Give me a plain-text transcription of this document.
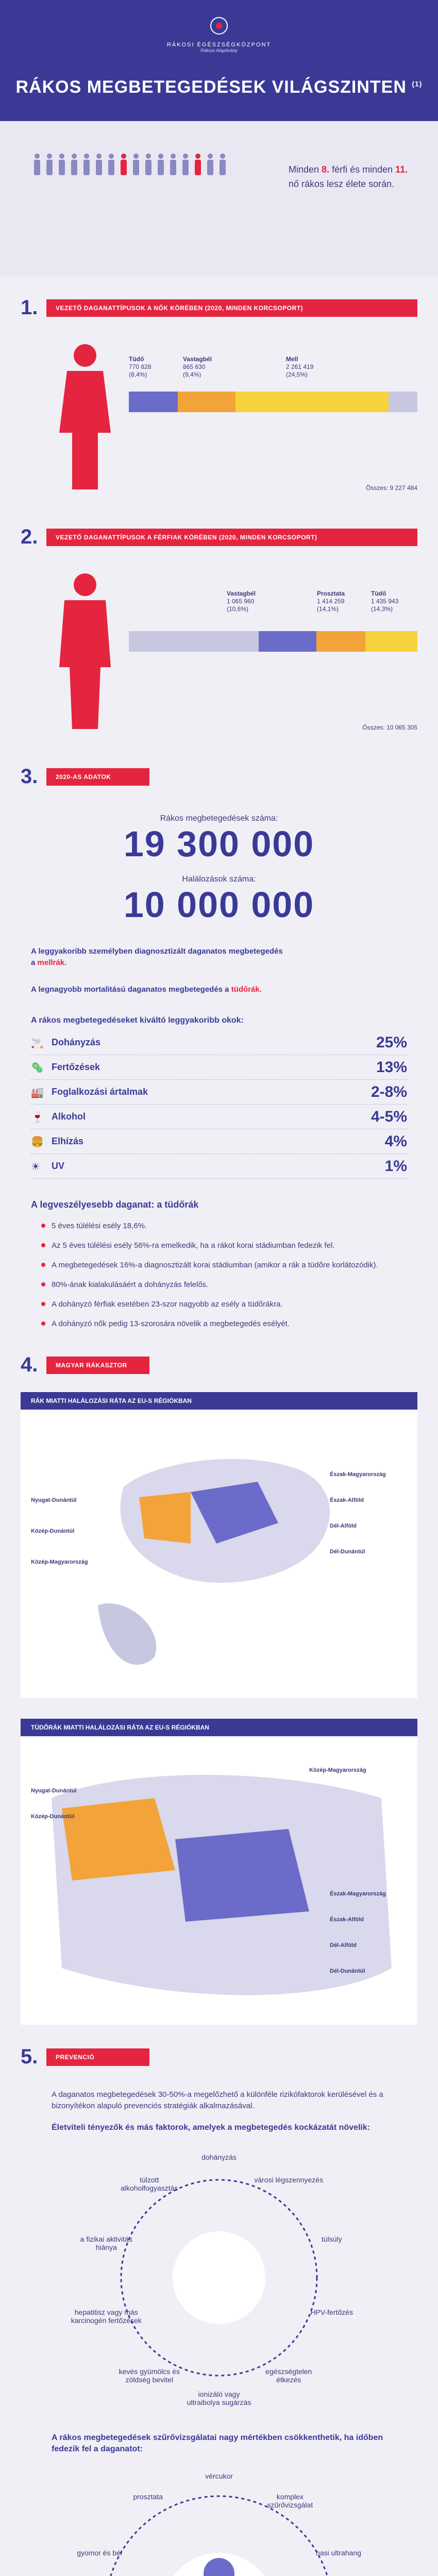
RÁKOSI ÉGÉSZSÉGKÖZPONT
Rákosi Alapítvány
RÁKOS MEGBETEGEDÉSEK VILÁGSZINTEN $^{(1)}$
Minden 8. férfi és minden 11. nő rákos lesz élete során.
1.	VEZETŐ DAGANATTÍPUSOK A NŐK KÖRÉBEN (2020, MINDEN KORCSOPORT)
Tüdő
770 828
(8,4%)
Vastagbél
865 630
(9,4%)
Mell
2 261 419
(24,5%)
Összes: 9 227 484
2.	VEZETŐ DAGANATTÍPUSOK A FÉRFIAK KÖRÉBEN (2020, MINDEN KORCSOPORT)
Vastagbél
1 065 960
(10,6%)
Prosztata
1 414 259
(14,1%)
Tüdő
1 435 943
(14,3%)
Összes: 10 065 305
3.	2020-AS ADATOK
Rákos megbetegedések száma:
19 300 000
Halálozások száma:
10 000 000
A leggyakoribb személyben diagnosztizált daganatos megbetegedés a mellrák.
A legnagyobb mortalitású daganatos megbetegedés a tüdőrák.
A rákos megbetegedéseket kiváltó leggyakoribb okok:
🚬 Dohányzás	25%
🦠 Fertőzések	13%
🏭 Foglalkozási ártalmak	2-8%
🍷 Alkohol	4-5%
🍔 Elhízás	4%
☀	UV	1%
A legveszélyesebb daganat: a tüdőrák
5 éves túlélési esély 18,6%.
Az 5 éves túlélési esély 56%-ra emelkedik, ha a rákot korai stádiumban fedezik fel.
A megbetegedések 16%-a diagnosztizált korai stádiumban (amikor a rák a tüdőre korlátozódik).
80%-ának kialakulásáért a dohányzás felelős.
A dohányzó férfiak esetében 23-szor nagyobb az esély a tüdőrákra.
A dohányzó nők pedig 13-szorosára növelik a megbetegedés esélyét.
4.	MAGYAR RÁKASZTOR
RÁK MIATTI HALÁLOZÁSI RÁTA AZ EU-S RÉGIÓKBAN
Észak-Magyarország
Észak-Alföld
Dél-Alföld
Dél-Dunántúl
Nyugat-Dunántúl
Közép-Dunántúl
Közép-Magyarország
TÜDŐRÁK MIATTI HALÁLOZÁSI RÁTA AZ EU-S RÉGIÓKBAN
Észak-Magyarország
Észak-Alföld
Dél-Alföld
Dél-Dunántúl
Nyugat-Dunántúl
Közép-Dunántúl
Közép-Magyarország
5.	PREVENCIÓ
A daganatos megbetegedések 30-50%-a megelőzhető a különféle rizikófaktorok kerülésével és a bizonyítékon alapuló prevenciós stratégiák alkalmazásával.
Életviteli tényezők és más faktorok, amelyek a megbetegedés kockázatát növelik:
dohányzás
városi légszennyezés
túlsúly
HPV-fertőzés
egészségtelen étkezés
ionizáló vagy ultraibolya sugárzás
kevés gyümölcs és zöldség bevitel
hepatitisz vagy más karcinogén fertőzések
a fizikai aktivitás hiánya
túlzott alkoholfogyasztás
A rákos megbetegedések szűrővizsgálatai nagy mértékben csökkenthetik, ha időben fedezik fel a daganatot:
vércukor
komplex szűrővizsgálat
hasi ultrahang
gyomor és bél
prosztata
